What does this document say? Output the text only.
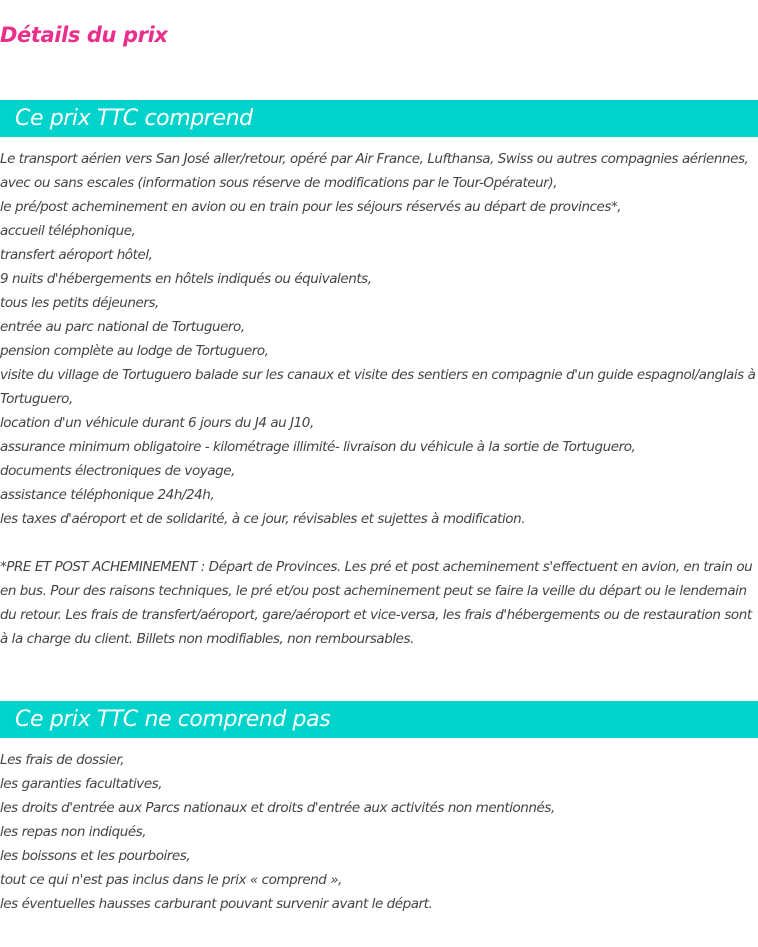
Détails du prix
Ce prix TTC comprend
Le transport aérien vers San José aller/retour, opéré par Air France, Lufthansa, Swiss ou autres compagnies aériennes, avec ou sans escales (information sous réserve de modifications par le Tour-Opérateur),
le pré/post acheminement en avion ou en train pour les séjours réservés au départ de provinces*,
accueil téléphonique,
transfert aéroport hôtel,
9 nuits d'hébergements en hôtels indiqués ou équivalents,
tous les petits déjeuners,
entrée au parc national de Tortuguero,
pension complète au lodge de Tortuguero,
visite du village de Tortuguero balade sur les canaux et visite des sentiers en compagnie d'un guide espagnol/anglais à Tortuguero,
location d'un véhicule durant 6 jours du J4 au J10,
assurance minimum obligatoire - kilométrage illimité- livraison du véhicule à la sortie de Tortuguero,
documents électroniques de voyage,
assistance téléphonique 24h/24h,
les taxes d'aéroport et de solidarité, à ce jour, révisables et sujettes à modification.

*PRE ET POST ACHEMINEMENT : Départ de Provinces. Les pré et post acheminement s'effectuent en avion, en train ou en bus. Pour des raisons techniques, le pré et/ou post acheminement peut se faire la veille du départ ou le lendemain du retour. Les frais de transfert/aéroport, gare/aéroport et vice-versa, les frais d'hébergements ou de restauration sont à la charge du client. Billets non modifiables, non remboursables.

Ce prix TTC ne comprend pas
Les frais de dossier,
les garanties facultatives,
les droits d'entrée aux Parcs nationaux et droits d'entrée aux activités non mentionnés,
les repas non indiqués,
les boissons et les pourboires,
tout ce qui n'est pas inclus dans le prix « comprend »,
les éventuelles hausses carburant pouvant survenir avant le départ.
